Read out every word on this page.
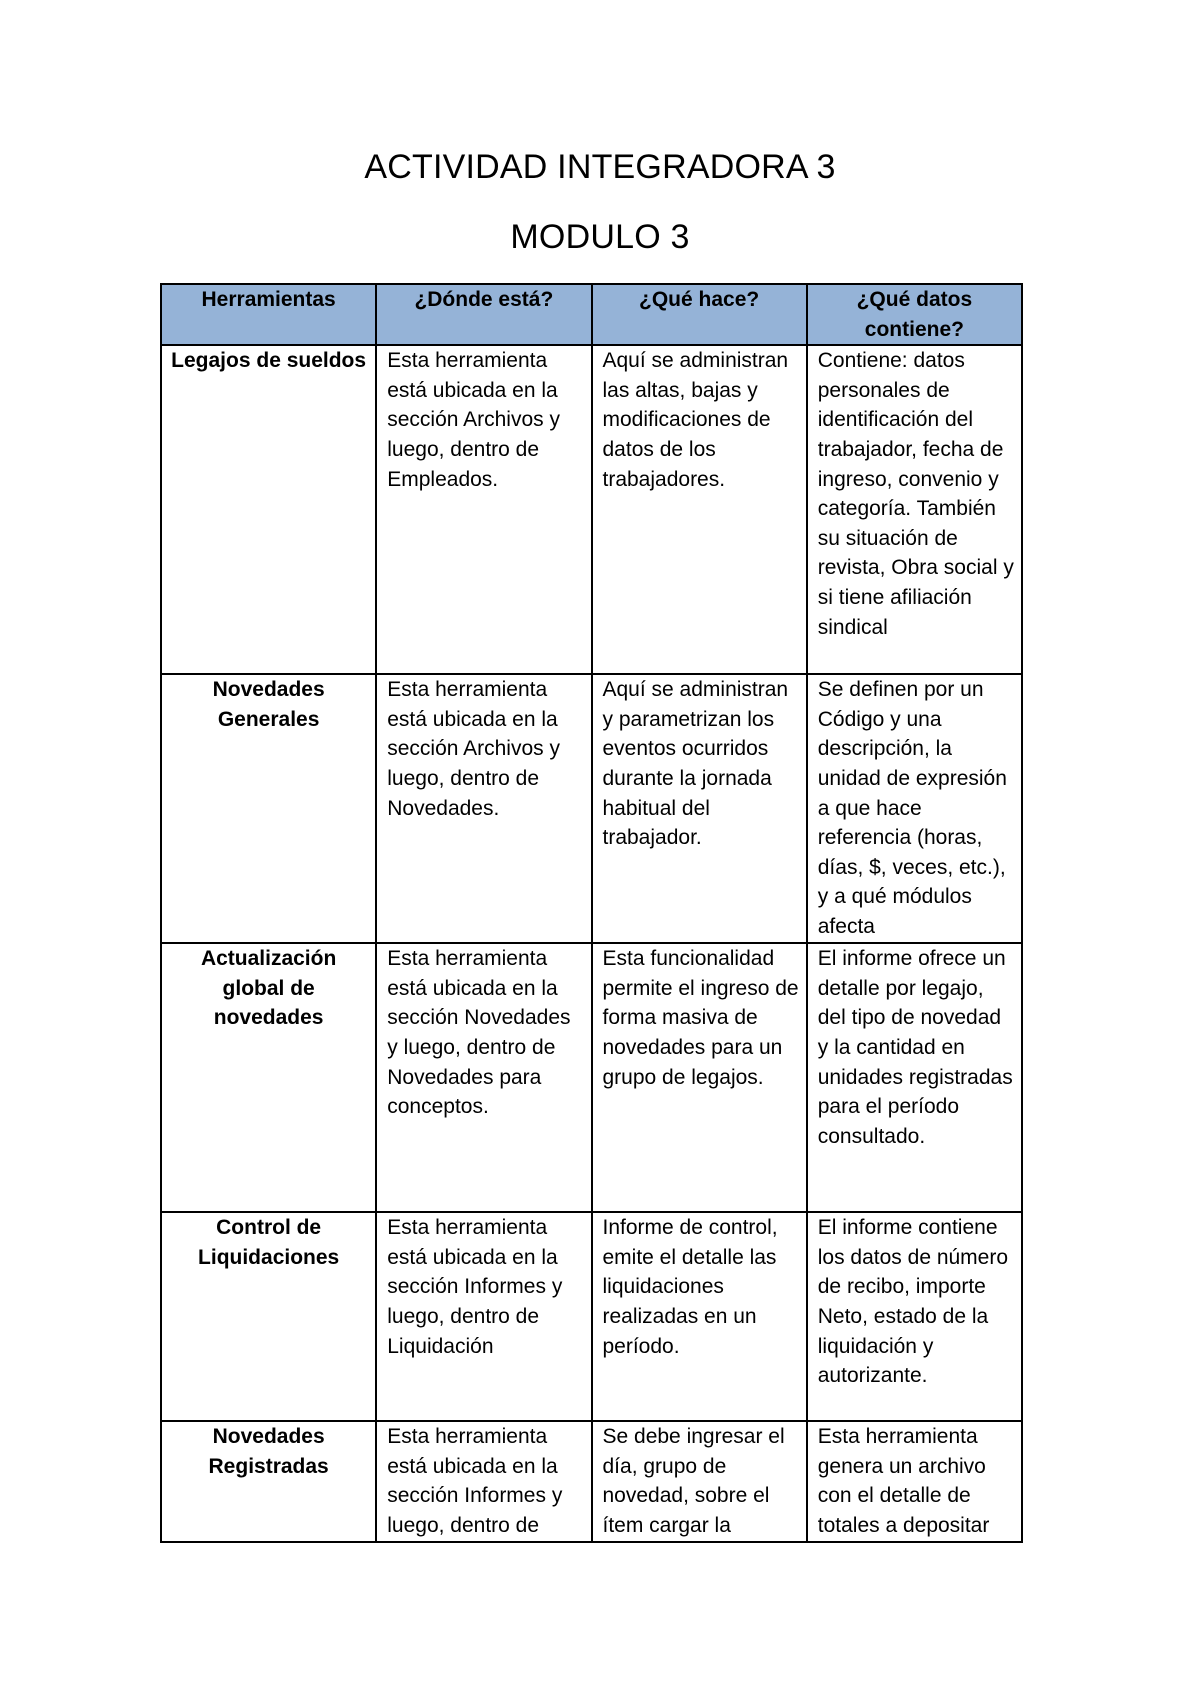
ACTIVIDAD INTEGRADORA 3
MODULO 3
Herramientas	¿Dónde está?	¿Qué hace?	¿Qué datos contiene?
Legajos de sueldos	Esta herramienta está ubicada en la sección Archivos y luego, dentro de Empleados.	Aquí se administran las altas, bajas y modificaciones de datos de los trabajadores.	Contiene: datos personales de identificación del trabajador, fecha de ingreso, convenio y categoría. También su situación de revista, Obra social y si tiene afiliación sindical
Novedades Generales	Esta herramienta está ubicada en la sección Archivos y luego, dentro de Novedades.	Aquí se administran y parametrizan los eventos ocurridos durante la jornada habitual del trabajador.	Se definen por un Código y una descripción, la unidad de expresión a que hace referencia (horas, días, $, veces, etc.), y a qué módulos afecta
Actualización global de novedades	Esta herramienta está ubicada en la sección Novedades y luego, dentro de Novedades para conceptos.	Esta funcionalidad permite el ingreso de forma masiva de novedades para un grupo de legajos.	El informe ofrece un detalle por legajo, del tipo de novedad y la cantidad en unidades registradas para el período consultado.
Control de Liquidaciones	Esta herramienta está ubicada en la sección Informes y luego, dentro de Liquidación	Informe de control, emite el detalle las liquidaciones realizadas en un período.	El informe contiene los datos de número de recibo, importe Neto, estado de la liquidación y autorizante.
Novedades Registradas	Esta herramienta está ubicada en la sección Informes y luego, dentro de	Se debe ingresar el día, grupo de novedad, sobre el ítem cargar la	Esta herramienta genera un archivo con el detalle de totales a depositar
